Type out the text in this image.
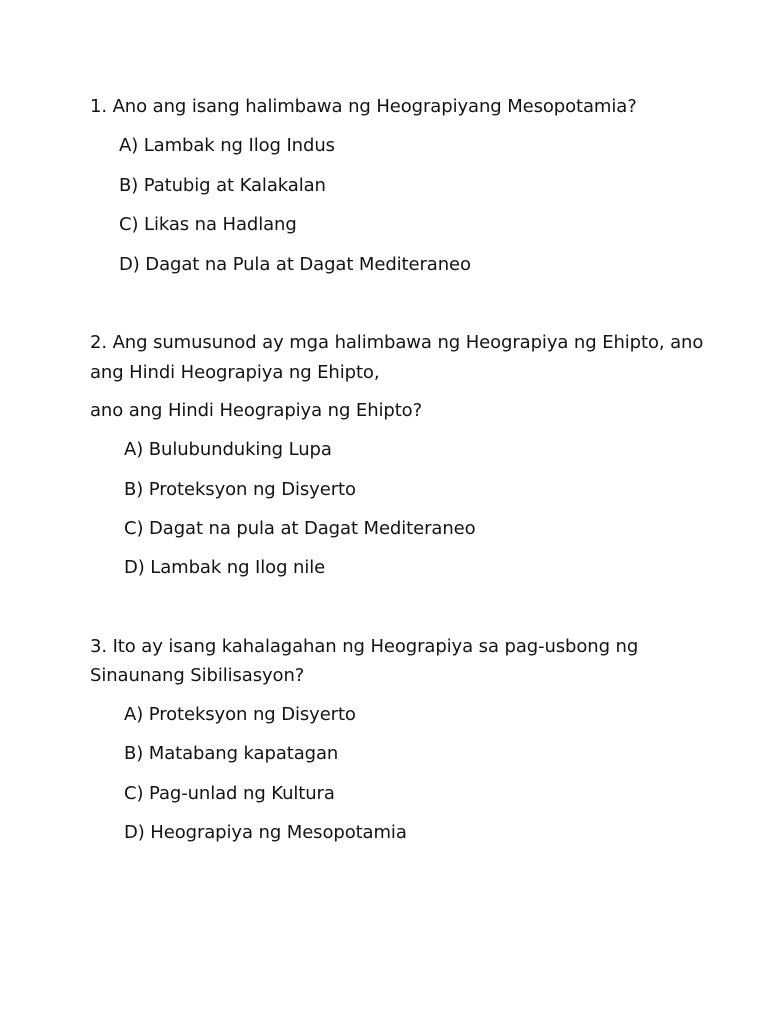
1. Ano ang isang halimbawa ng Heograpiyang Mesopotamia?
A) Lambak ng Ilog Indus
B) Patubig at Kalakalan
C) Likas na Hadlang
D) Dagat na Pula at Dagat Mediteraneo
2. Ang sumusunod ay mga halimbawa ng Heograpiya ng Ehipto, ano
ang Hindi Heograpiya ng Ehipto,
ano ang Hindi Heograpiya ng Ehipto?
A) Bulubunduking Lupa
B) Proteksyon ng Disyerto
C) Dagat na pula at Dagat Mediteraneo
D) Lambak ng Ilog nile
3. Ito ay isang kahalagahan ng Heograpiya sa pag-usbong ng
Sinaunang Sibilisasyon?
A) Proteksyon ng Disyerto
B) Matabang kapatagan
C) Pag-unlad ng Kultura
D) Heograpiya ng Mesopotamia
